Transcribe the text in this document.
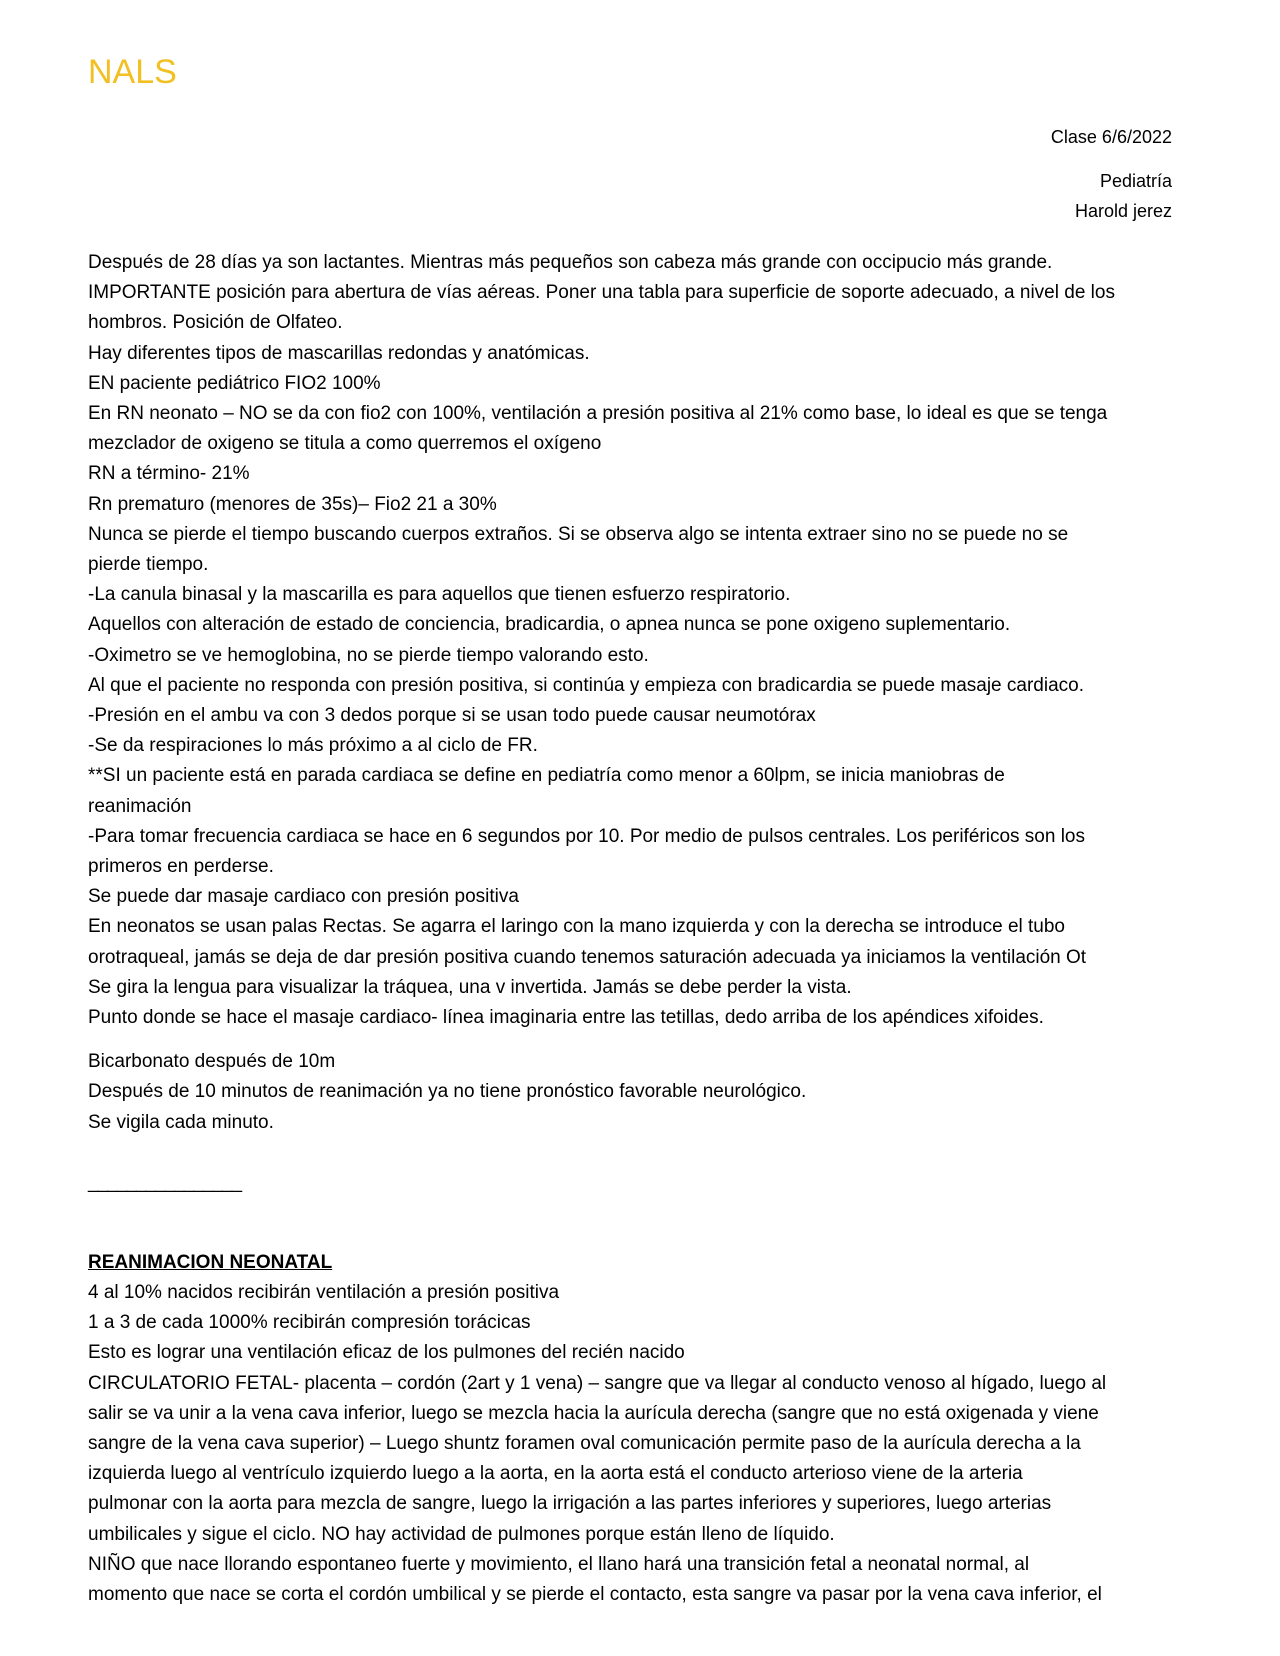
NALS
Clase 6/6/2022
Pediatría
Harold jerez
Después de 28 días ya son lactantes. Mientras más pequeños son cabeza más grande con occipucio más grande.
IMPORTANTE posición para abertura de vías aéreas. Poner una tabla para superficie de soporte adecuado, a nivel de los
hombros. Posición de Olfateo.
Hay diferentes tipos de mascarillas redondas y anatómicas.
EN paciente pediátrico FIO2 100%
En RN neonato – NO se da con fio2 con 100%, ventilación a presión positiva al 21% como base, lo ideal es que se tenga
mezclador de oxigeno se titula a como querremos el oxígeno
RN a término- 21%
Rn prematuro (menores de 35s)– Fio2 21 a 30%
Nunca se pierde el tiempo buscando cuerpos extraños. Si se observa algo se intenta extraer sino no se puede no se
pierde tiempo.
-La canula binasal y la mascarilla es para aquellos que tienen esfuerzo respiratorio.
Aquellos con alteración de estado de conciencia, bradicardia, o apnea nunca se pone oxigeno suplementario.
-Oximetro se ve hemoglobina, no se pierde tiempo valorando esto.
Al que el paciente no responda con presión positiva, si continúa y empieza con bradicardia se puede masaje cardiaco.
-Presión en el ambu va con 3 dedos porque si se usan todo puede causar neumotórax
-Se da respiraciones lo más próximo a al ciclo de FR.
**SI un paciente está en parada cardiaca se define en pediatría como menor a 60lpm, se inicia maniobras de
reanimación
-Para tomar frecuencia cardiaca se hace en 6 segundos por 10. Por medio de pulsos centrales. Los periféricos son los
primeros en perderse.
Se puede dar masaje cardiaco con presión positiva
En neonatos se usan palas Rectas. Se agarra el laringo con la mano izquierda y con la derecha se introduce el tubo
orotraqueal, jamás se deja de dar presión positiva cuando tenemos saturación adecuada ya iniciamos la ventilación Ot
Se gira la lengua para visualizar la tráquea, una v invertida. Jamás se debe perder la vista.
Punto donde se hace el masaje cardiaco- línea imaginaria entre las tetillas, dedo arriba de los apéndices xifoides.
Bicarbonato después de 10m
Después de 10 minutos de reanimación ya no tiene pronóstico favorable neurológico.
Se vigila cada minuto.
________________
REANIMACION NEONATAL
4 al 10% nacidos recibirán ventilación a presión positiva
1 a 3 de cada 1000% recibirán compresión torácicas
Esto es lograr una ventilación eficaz de los pulmones del recién nacido
CIRCULATORIO FETAL- placenta – cordón (2art y 1 vena) – sangre que va llegar al conducto venoso al hígado, luego al
salir se va unir a la vena cava inferior, luego se mezcla hacia la aurícula derecha (sangre que no está oxigenada y viene
sangre de la vena cava superior) – Luego shuntz foramen oval comunicación permite paso de la aurícula derecha a la
izquierda luego al ventrículo izquierdo luego a la aorta, en la aorta está el conducto arterioso viene de la arteria
pulmonar con la aorta para mezcla de sangre, luego la irrigación a las partes inferiores y superiores, luego arterias
umbilicales y sigue el ciclo. NO hay actividad de pulmones porque están lleno de líquido.
NIÑO que nace llorando espontaneo fuerte y movimiento, el llano hará una transición fetal a neonatal normal, al
momento que nace se corta el cordón umbilical y se pierde el contacto, esta sangre va pasar por la vena cava inferior, el
